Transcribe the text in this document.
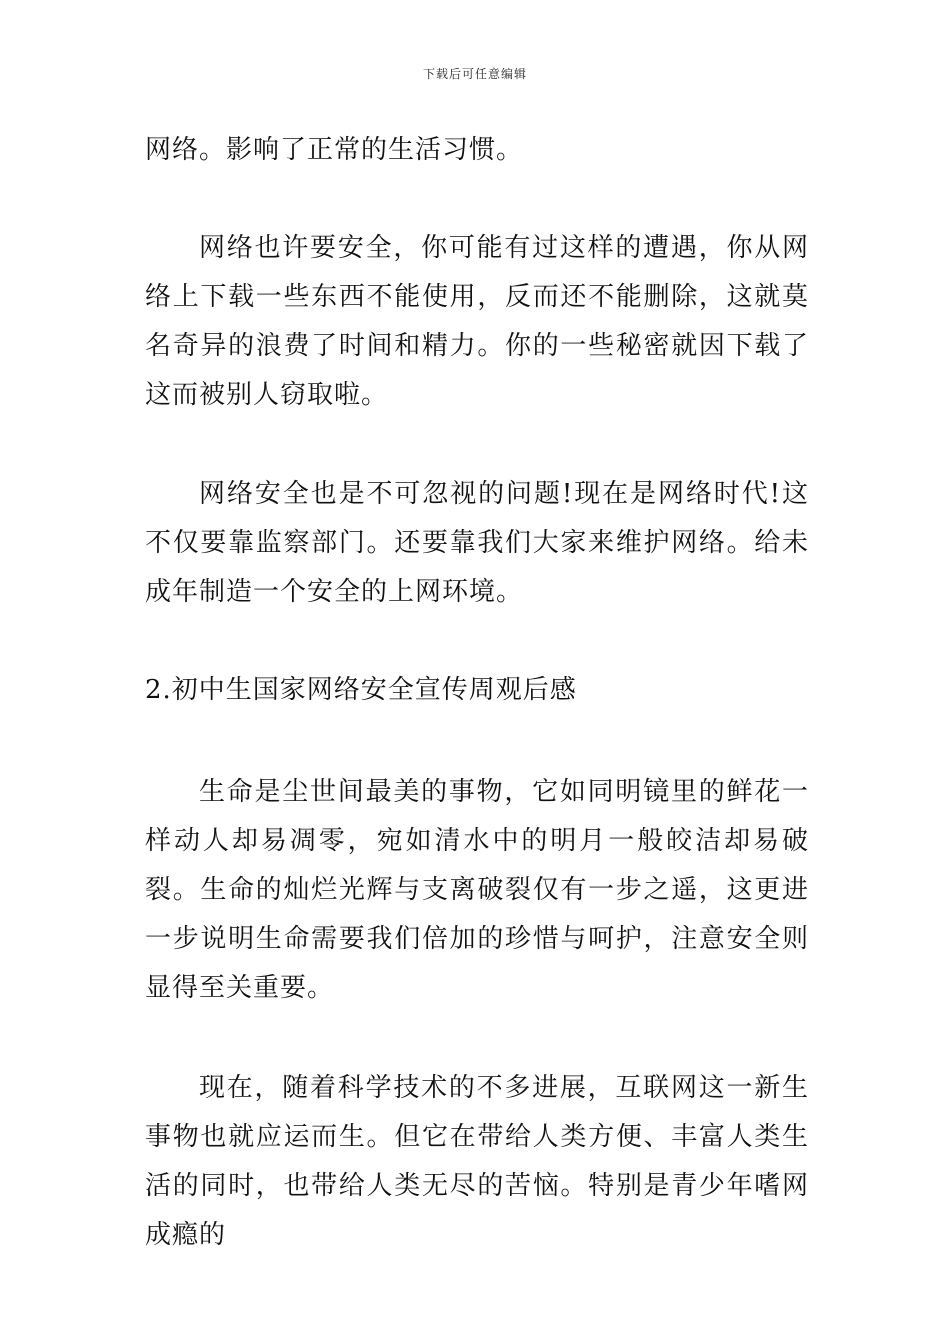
下载后可任意编辑

网络。影响了正常的生活习惯。

网络也许要安全，你可能有过这样的遭遇，你从网络上下载一些东西不能使用，反而还不能删除，这就莫名奇异的浪费了时间和精力。你的一些秘密就因下载了这而被别人窃取啦。

网络安全也是不可忽视的问题!现在是网络时代!这不仅要靠监察部门。还要靠我们大家来维护网络。给未成年制造一个安全的上网环境。

2.初中生国家网络安全宣传周观后感

生命是尘世间最美的事物，它如同明镜里的鲜花一样动人却易凋零，宛如清水中的明月一般皎洁却易破裂。生命的灿烂光辉与支离破裂仅有一步之遥，这更进一步说明生命需要我们倍加的珍惜与呵护，注意安全则显得至关重要。

现在，随着科学技术的不多进展，互联网这一新生事物也就应运而生。但它在带给人类方便、丰富人类生活的同时，也带给人类无尽的苦恼。特别是青少年嗜网成瘾的
